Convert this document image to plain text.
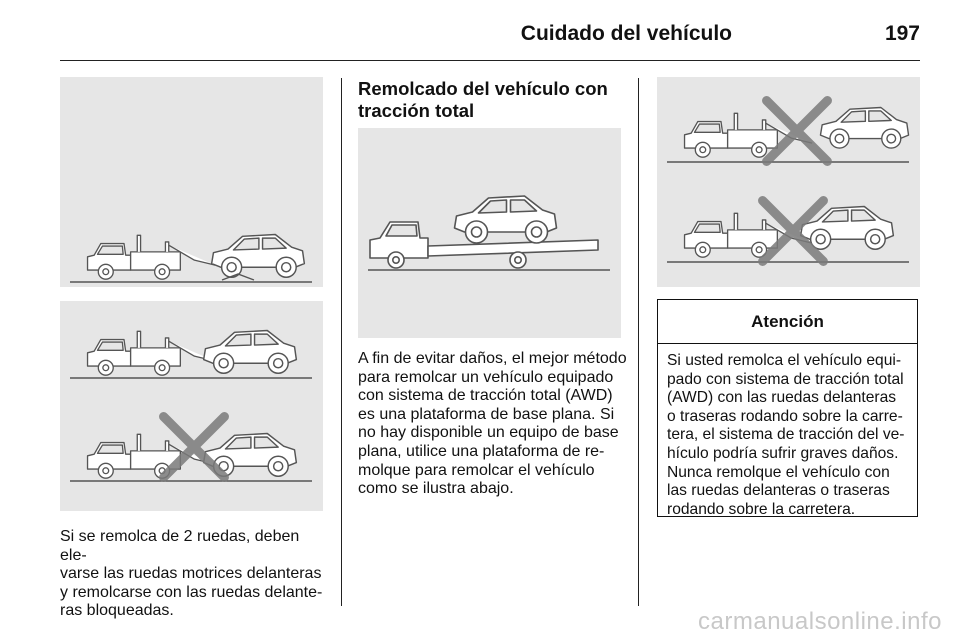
Cuidado del vehículo	197

Si se remolca de 2 ruedas, deben ele-

varse las ruedas motrices delanteras

y remolcarse con las ruedas delante-

ras bloqueadas.

Remolcado del vehículo con
tracción total

A fin de evitar daños, el mejor método

para remolcar un vehículo equipado

con sistema de tracción total (AWD)

es una plataforma de base plana. Si

no hay disponible un equipo de base

plana, utilice una plataforma de re-

molque para remolcar el vehículo

como se ilustra abajo.

Atención

Si usted remolca el vehículo equi-

pado con sistema de tracción total

(AWD) con las ruedas delanteras

o traseras rodando sobre la carre-

tera, el sistema de tracción del ve-

hículo podría sufrir graves daños.

Nunca remolque el vehículo con

las ruedas delanteras o traseras

rodando sobre la carretera.

carmanualsonline.info
